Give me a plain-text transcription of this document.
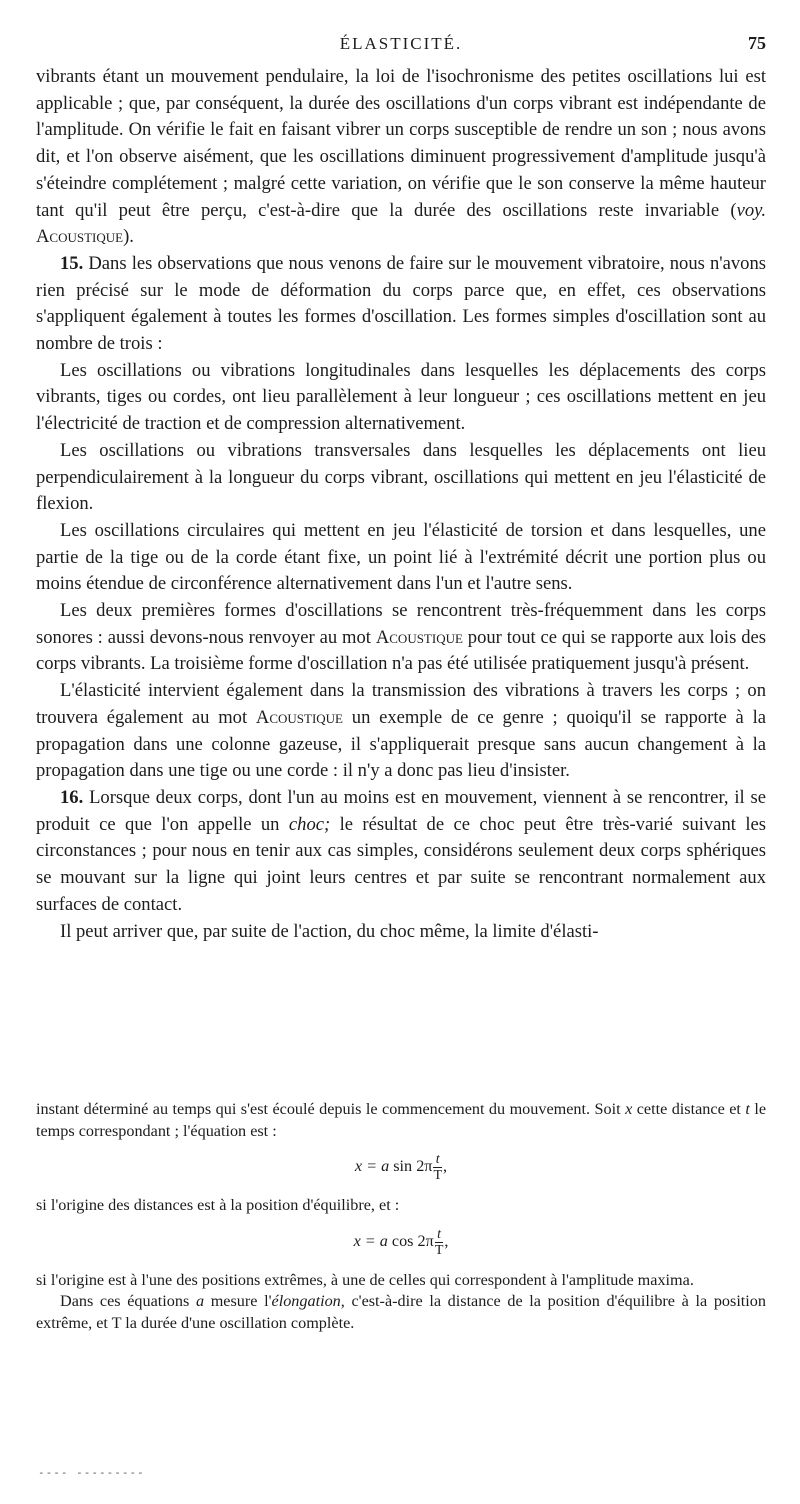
ÉLASTICITÉ.	75

vibrants étant un mouvement pendulaire, la loi de l'isochronisme des petites oscillations lui est applicable ; que, par conséquent, la durée des oscillations d'un corps vibrant est indépendante de l'amplitude. On vérifie le fait en faisant vibrer un corps susceptible de rendre un son ; nous avons dit, et l'on observe aisément, que les oscillations diminuent progressivement d'amplitude jusqu'à s'éteindre complétement ; malgré cette variation, on vérifie que le son conserve la même hauteur tant qu'il peut être perçu, c'est-à-dire que la durée des oscillations reste invariable (voy. Acoustique).

15. Dans les observations que nous venons de faire sur le mouvement vibratoire, nous n'avons rien précisé sur le mode de déformation du corps parce que, en effet, ces observations s'appliquent également à toutes les formes d'oscillation. Les formes simples d'oscillation sont au nombre de trois :

Les oscillations ou vibrations longitudinales dans lesquelles les déplacements des corps vibrants, tiges ou cordes, ont lieu parallèlement à leur longueur ; ces oscillations mettent en jeu l'électricité de traction et de compression alternativement.

Les oscillations ou vibrations transversales dans lesquelles les déplacements ont lieu perpendiculairement à la longueur du corps vibrant, oscillations qui mettent en jeu l'élasticité de flexion.

Les oscillations circulaires qui mettent en jeu l'élasticité de torsion et dans lesquelles, une partie de la tige ou de la corde étant fixe, un point lié à l'extrémité décrit une portion plus ou moins étendue de circonférence alternativement dans l'un et l'autre sens.

Les deux premières formes d'oscillations se rencontrent très-fréquemment dans les corps sonores : aussi devons-nous renvoyer au mot Acoustique pour tout ce qui se rapporte aux lois des corps vibrants. La troisième forme d'oscillation n'a pas été utilisée pratiquement jusqu'à présent.

L'élasticité intervient également dans la transmission des vibrations à travers les corps ; on trouvera également au mot Acoustique un exemple de ce genre ; quoiqu'il se rapporte à la propagation dans une colonne gazeuse, il s'appliquerait presque sans aucun changement à la propagation dans une tige ou une corde : il n'y a donc pas lieu d'insister.

16. Lorsque deux corps, dont l'un au moins est en mouvement, viennent à se rencontrer, il se produit ce que l'on appelle un choc; le résultat de ce choc peut être très-varié suivant les circonstances ; pour nous en tenir aux cas simples, considérons seulement deux corps sphériques se mouvant sur la ligne qui joint leurs centres et par suite se rencontrant normalement aux surfaces de contact.

Il peut arriver que, par suite de l'action, du choc même, la limite d'élasti-

instant déterminé au temps qui s'est écoulé depuis le commencement du mouvement. Soit x cette distance et t le temps correspondant ; l'équation est :

x = a $\sin 2\pi \frac{t}{T}$ ,

si l'origine des distances est à la position d'équilibre, et :

x = a $\cos 2\pi \frac{t}{T}$ ,

si l'origine est à l'une des positions extrêmes, à une de celles qui correspondent à l'amplitude maxima.

Dans ces équations a mesure l'élongation, c'est-à-dire la distance de la position d'équilibre à la position extrême, et T la durée d'une oscillation complète.

---- ---------
